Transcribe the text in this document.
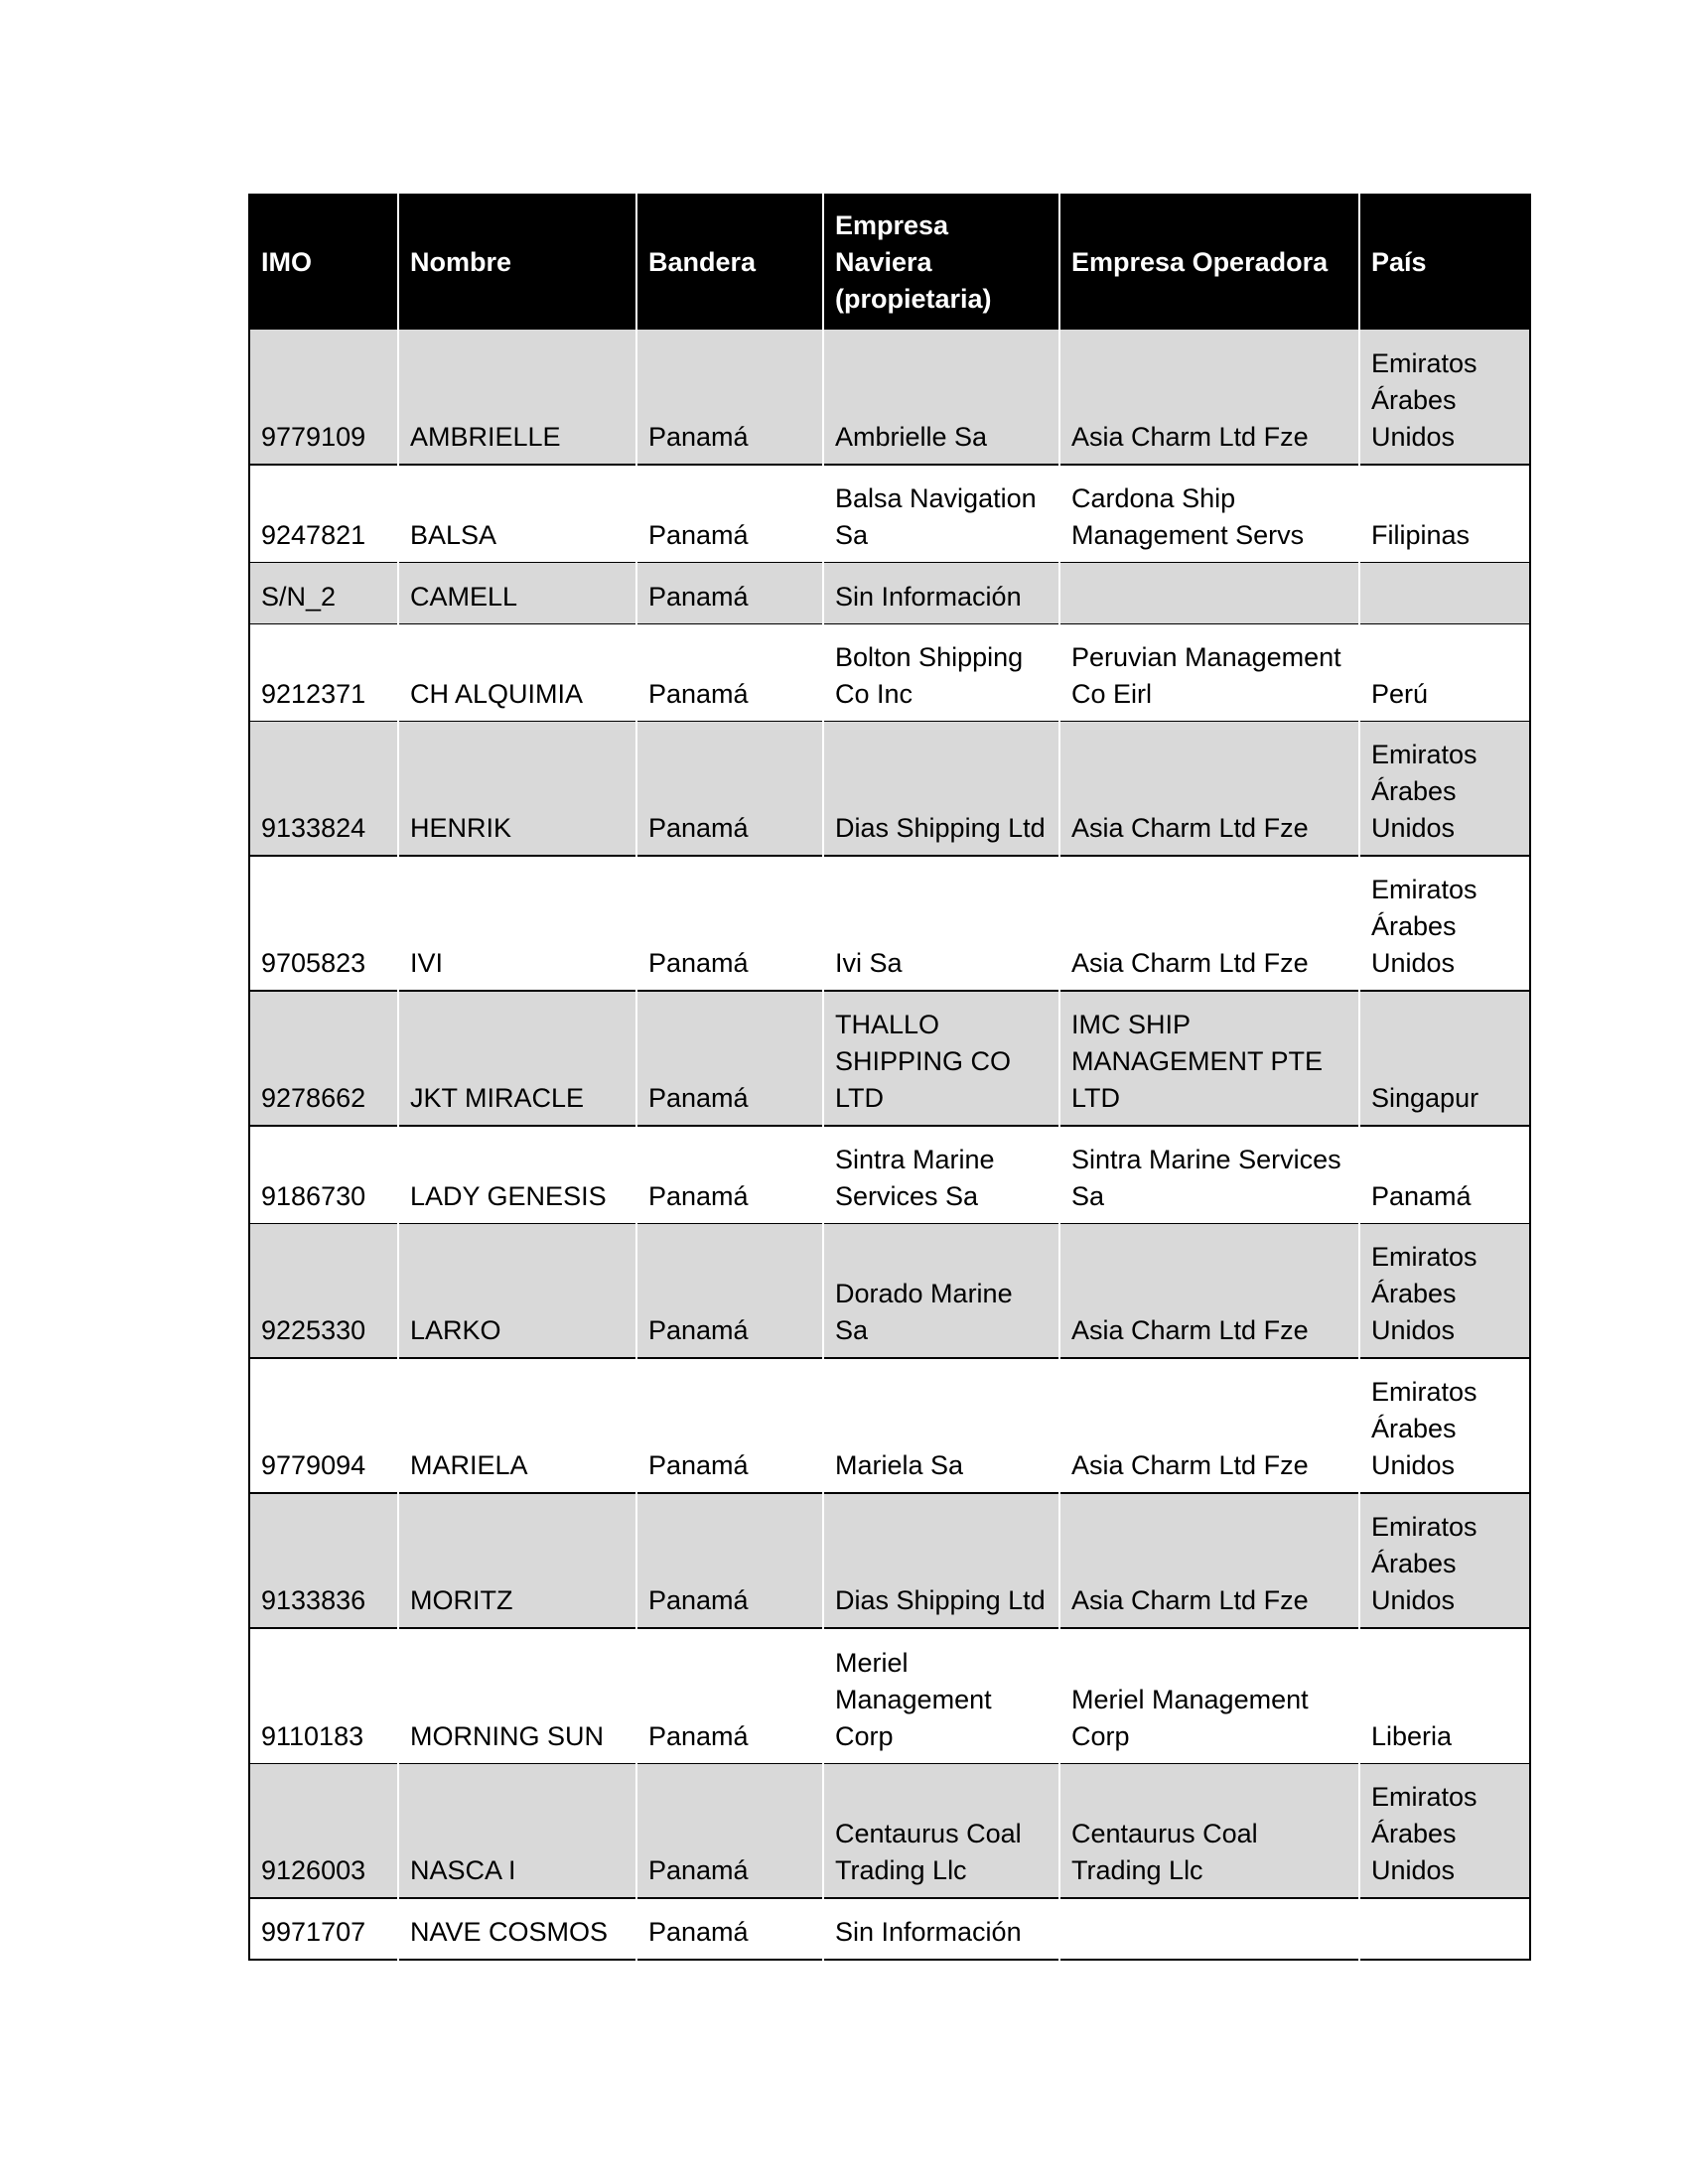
IMO	Nombre	Bandera	Empresa Naviera (propietaria)	Empresa Operadora	País
9779109	AMBRIELLE	Panamá	Ambrielle Sa	Asia Charm Ltd Fze	Emiratos Árabes Unidos
9247821	BALSA	Panamá	Balsa Navigation Sa	Cardona Ship Management Servs	Filipinas
S/N_2	CAMELL	Panamá	Sin Información		
9212371	CH ALQUIMIA	Panamá	Bolton Shipping Co Inc	Peruvian Management Co Eirl	Perú
9133824	HENRIK	Panamá	Dias Shipping Ltd	Asia Charm Ltd Fze	Emiratos Árabes Unidos
9705823	IVI	Panamá	Ivi Sa	Asia Charm Ltd Fze	Emiratos Árabes Unidos
9278662	JKT MIRACLE	Panamá	THALLO SHIPPING CO LTD	IMC SHIP MANAGEMENT PTE LTD	Singapur
9186730	LADY GENESIS	Panamá	Sintra Marine Services Sa	Sintra Marine Services Sa	Panamá
9225330	LARKO	Panamá	Dorado Marine Sa	Asia Charm Ltd Fze	Emiratos Árabes Unidos
9779094	MARIELA	Panamá	Mariela Sa	Asia Charm Ltd Fze	Emiratos Árabes Unidos
9133836	MORITZ	Panamá	Dias Shipping Ltd	Asia Charm Ltd Fze	Emiratos Árabes Unidos
9110183	MORNING SUN	Panamá	Meriel Management Corp	Meriel Management Corp	Liberia
9126003	NASCA I	Panamá	Centaurus Coal Trading Llc	Centaurus Coal Trading Llc	Emiratos Árabes Unidos
9971707	NAVE COSMOS	Panamá	Sin Información		
